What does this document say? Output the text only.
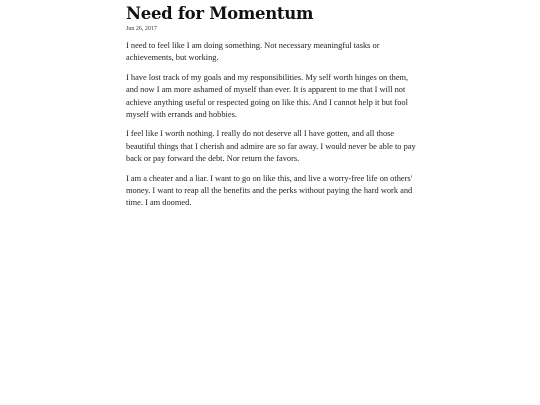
Need for Momentum
Jun 26, 2017

I need to feel like I am doing something. Not necessary meaningful tasks or achievements, but working.

I have lost track of my goals and my responsibilities. My self worth hinges on them, and now I am more ashamed of myself than ever. It is apparent to me that I will not achieve anything useful or respected going on like this. And I cannot help it but fool myself with errands and hobbies.

I feel like I worth nothing. I really do not deserve all I have gotten, and all those beautiful things that I cherish and admire are so far away. I would never be able to pay back or pay forward the debt. Nor return the favors.

I am a cheater and a liar. I want to go on like this, and live a worry-free life on others' money. I want to reap all the benefits and the perks without paying the hard work and time. I am doomed.
